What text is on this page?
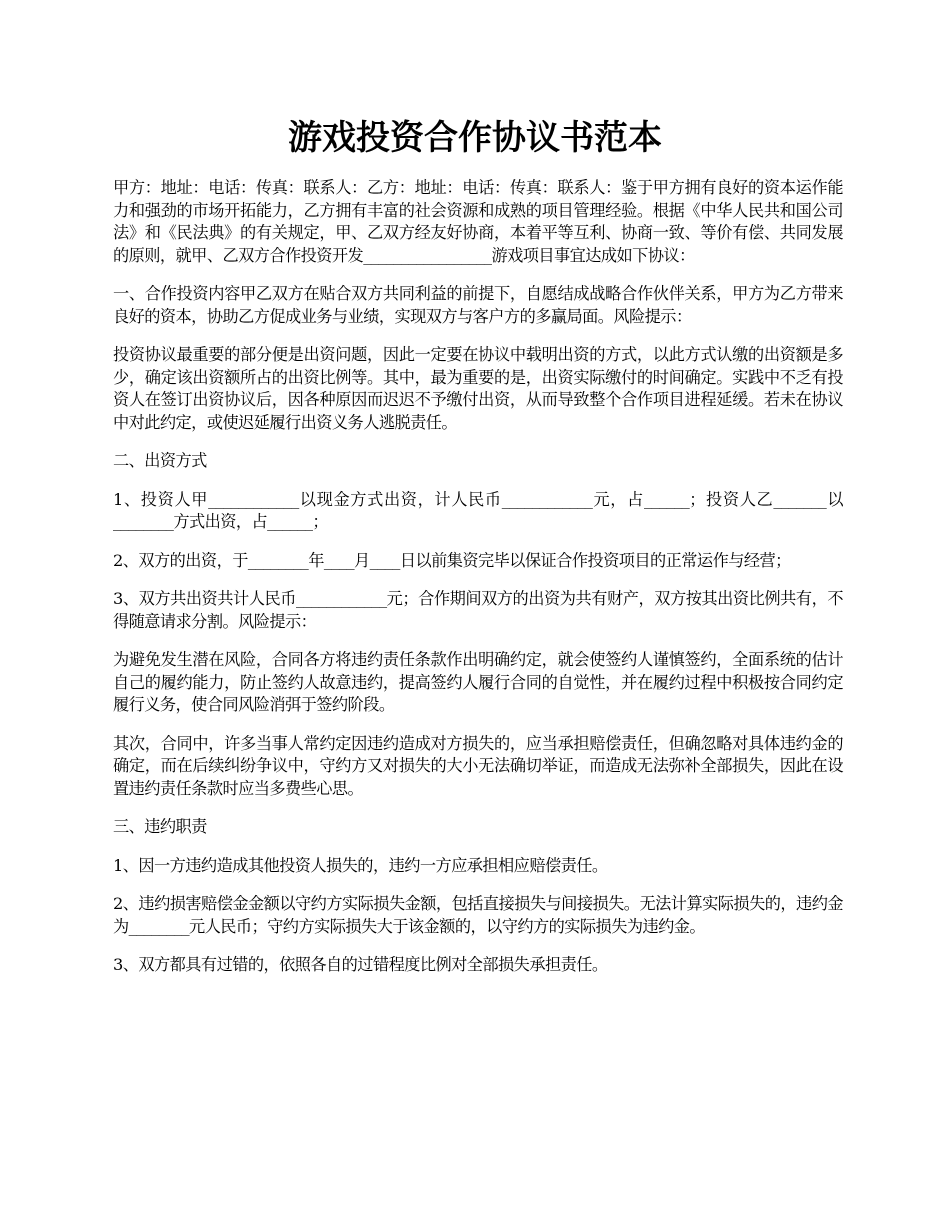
游戏投资合作协议书范本

甲方：地址：电话：传真：联系人：乙方：地址：电话：传真：联系人：鉴于甲方拥有良好的资本运作能力和强劲的市场开拓能力，乙方拥有丰富的社会资源和成熟的项目管理经验。根据《中华人民共和国公司法》和《民法典》的有关规定，甲、乙双方经友好协商，本着平等互利、协商一致、等价有偿、共同发展的原则，就甲、乙双方合作投资开发_________________游戏项目事宜达成如下协议：

一、合作投资内容甲乙双方在贴合双方共同利益的前提下，自愿结成战略合作伙伴关系，甲方为乙方带来良好的资本，协助乙方促成业务与业绩，实现双方与客户方的多赢局面。风险提示：

投资协议最重要的部分便是出资问题，因此一定要在协议中载明出资的方式，以此方式认缴的出资额是多少，确定该出资额所占的出资比例等。其中，最为重要的是，出资实际缴付的时间确定。实践中不乏有投资人在签订出资协议后，因各种原因而迟迟不予缴付出资，从而导致整个合作项目进程延缓。若未在协议中对此约定，或使迟延履行出资义务人逃脱责任。

二、出资方式

1、投资人甲____________以现金方式出资，计人民币____________元，占______；投资人乙_______以________方式出资，占______；

2、双方的出资，于________年____月____日以前集资完毕以保证合作投资项目的正常运作与经营；

3、双方共出资共计人民币____________元；合作期间双方的出资为共有财产，双方按其出资比例共有，不得随意请求分割。风险提示：

为避免发生潜在风险，合同各方将违约责任条款作出明确约定，就会使签约人谨慎签约，全面系统的估计自己的履约能力，防止签约人故意违约，提高签约人履行合同的自觉性，并在履约过程中积极按合同约定履行义务，使合同风险消弭于签约阶段。

其次，合同中，许多当事人常约定因违约造成对方损失的，应当承担赔偿责任，但确忽略对具体违约金的确定，而在后续纠纷争议中，守约方又对损失的大小无法确切举证，而造成无法弥补全部损失，因此在设置违约责任条款时应当多费些心思。

三、违约职责

1、因一方违约造成其他投资人损失的，违约一方应承担相应赔偿责任。

2、违约损害赔偿金金额以守约方实际损失金额，包括直接损失与间接损失。无法计算实际损失的，违约金为________元人民币；守约方实际损失大于该金额的，以守约方的实际损失为违约金。

3、双方都具有过错的，依照各自的过错程度比例对全部损失承担责任。
